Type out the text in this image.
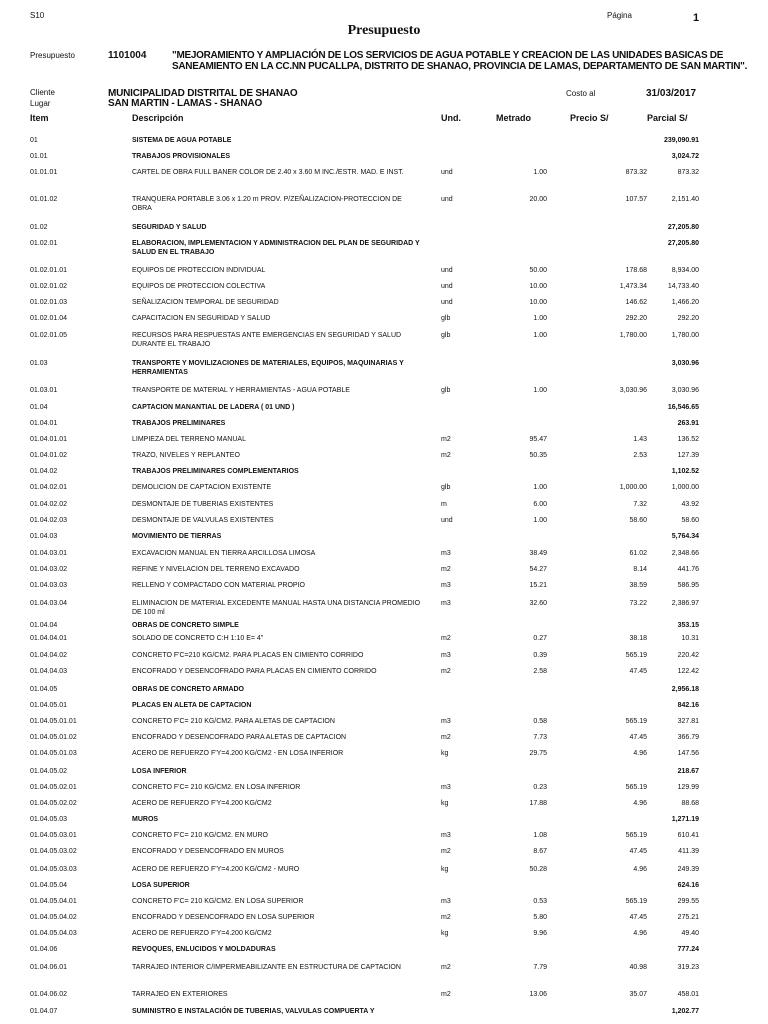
S10	Página	1
Presupuesto
Presupuesto	1101004	"MEJORAMIENTO Y AMPLIACIÓN DE LOS SERVICIOS DE AGUA POTABLE Y CREACION DE LAS UNIDADES BASICAS DE
SANEAMIENTO EN LA CC.NN PUCALLPA, DISTRITO DE SHANAO, PROVINCIA DE LAMAS, DEPARTAMENTO DE SAN MARTIN".
Cliente	MUNICIPALIDAD DISTRITAL DE SHANAO
Lugar	SAN MARTIN - LAMAS - SHANAO
Costo al	31/03/2017
Item	Descripción	Und.	Metrado	Precio S/	Parcial S/
01	SISTEMA DE AGUA POTABLE	239,090.91
01.01	TRABAJOS PROVISIONALES	3,024.72
01.01.01	CARTEL DE OBRA FULL BANER COLOR DE 2.40 x 3.60 M INC./ESTR. MAD. E INST.	und	1.00	873.32	873.32
01.01.02	TRANQUERA PORTABLE 3.06 x 1.20 m PROV. P/ZEÑALIZACION-PROTECCION DE OBRA
und	20.00	107.57	2,151.40
01.02	SEGURIDAD Y SALUD	27,205.80
01.02.01	ELABORACION, IMPLEMENTACION Y ADMINISTRACION DEL PLAN DE SEGURIDAD Y SALUD EN EL TRABAJO
27,205.80
01.02.01.01	EQUIPOS DE PROTECCION INDIVIDUAL	und	50.00	178.68	8,934.00
01.02.01.02	EQUIPOS DE PROTECCION COLECTIVA	und	10.00	1,473.34	14,733.40
01.02.01.03	SEÑALIZACION TEMPORAL DE SEGURIDAD	und	10.00	146.62	1,466.20
01.02.01.04	CAPACITACION EN SEGURIDAD Y SALUD	glb	1.00	292.20	292.20
01.02.01.05	RECURSOS PARA RESPUESTAS ANTE EMERGENCIAS EN SEGURIDAD Y SALUD DURANTE EL TRABAJO
glb	1.00	1,780.00	1,780.00
01.03	TRANSPORTE Y MOVILIZACIONES DE MATERIALES, EQUIPOS, MAQUINARIAS Y HERRAMIENTAS
3,030.96
01.03.01	TRANSPORTE DE MATERIAL Y HERRAMIENTAS - AGUA POTABLE	glb	1.00	3,030.96	3,030.96
01.04	CAPTACION MANANTIAL DE LADERA ( 01 UND )	16,546.65
01.04.01	TRABAJOS PRELIMINARES	263.91
01.04.01.01	LIMPIEZA DEL TERRENO MANUAL	m2	95.47	1.43	136.52
01.04.01.02	TRAZO, NIVELES Y REPLANTEO	m2	50.35	2.53	127.39
01.04.02	TRABAJOS PRELIMINARES COMPLEMENTARIOS	1,102.52
01.04.02.01	DEMOLICION DE CAPTACION EXISTENTE	glb	1.00	1,000.00	1,000.00
01.04.02.02	DESMONTAJE DE TUBERIAS EXISTENTES	m	6.00	7.32	43.92
01.04.02.03	DESMONTAJE DE VALVULAS EXISTENTES	und	1.00	58.60	58.60
01.04.03	MOVIMIENTO DE TIERRAS	5,764.34
01.04.03.01	EXCAVACION MANUAL EN TIERRA ARCILLOSA LIMOSA	m3	38.49	61.02	2,348.66
01.04.03.02	REFINE Y NIVELACION DEL TERRENO EXCAVADO	m2	54.27	8.14	441.76
01.04.03.03	RELLENO Y COMPACTADO CON MATERIAL PROPIO	m3	15.21	38.59	586.95
01.04.03.04	ELIMINACION DE MATERIAL EXCEDENTE MANUAL HASTA UNA DISTANCIA PROMEDIO DE 100 ml
m3	32.60	73.22	2,386.97
01.04.04	OBRAS DE CONCRETO SIMPLE	353.15
01.04.04.01	SOLADO DE CONCRETO C:H 1:10 E= 4"	m2	0.27	38.18	10.31
01.04.04.02	CONCRETO F'C=210 KG/CM2. PARA PLACAS EN CIMIENTO CORRIDO	m3	0.39	565.19	220.42
01.04.04.03	ENCOFRADO Y DESENCOFRADO PARA PLACAS EN CIMIENTO CORRIDO	m2	2.58	47.45	122.42
01.04.05	OBRAS DE CONCRETO ARMADO	2,956.18
01.04.05.01	PLACAS EN ALETA DE CAPTACION	842.16
01.04.05.01.01	CONCRETO F'C= 210 KG/CM2. PARA ALETAS DE CAPTACION	m3	0.58	565.19	327.81
01.04.05.01.02	ENCOFRADO Y DESENCOFRADO PARA ALETAS DE CAPTACION	m2	7.73	47.45	366.79
01.04.05.01.03	ACERO DE REFUERZO F'Y=4.200 KG/CM2 - EN LOSA INFERIOR	kg	29.75	4.96	147.56
01.04.05.02	LOSA INFERIOR	218.67
01.04.05.02.01	CONCRETO F'C= 210 KG/CM2. EN LOSA INFERIOR	m3	0.23	565.19	129.99
01.04.05.02.02	ACERO DE REFUERZO F'Y=4.200 KG/CM2	kg	17.88	4.96	88.68
01.04.05.03	MUROS	1,271.19
01.04.05.03.01	CONCRETO F'C= 210 KG/CM2. EN MURO	m3	1.08	565.19	610.41
01.04.05.03.02	ENCOFRADO Y DESENCOFRADO EN MUROS	m2	8.67	47.45	411.39
01.04.05.03.03	ACERO DE REFUERZO F'Y=4.200 KG/CM2 - MURO	kg	50.28	4.96	249.39
01.04.05.04	LOSA SUPERIOR	624.16
01.04.05.04.01	CONCRETO F'C= 210 KG/CM2. EN LOSA SUPERIOR	m3	0.53	565.19	299.55
01.04.05.04.02	ENCOFRADO Y DESENCOFRADO EN LOSA SUPERIOR	m2	5.80	47.45	275.21
01.04.05.04.03	ACERO DE REFUERZO F'Y=4.200 KG/CM2	kg	9.96	4.96	49.40
01.04.06	REVOQUES, ENLUCIDOS Y MOLDADURAS	777.24
01.04.06.01	TARRAJEO INTERIOR C/IMPERMEABILIZANTE EN ESTRUCTURA DE CAPTACION	m2	7.79	40.98	319.23
01.04.06.02	TARRAJEO EN EXTERIORES	m2	13.06	35.07	458.01
01.04.07	SUMINISTRO E INSTALACIÓN DE TUBERIAS, VALVULAS COMPUERTA Y	1,202.77
